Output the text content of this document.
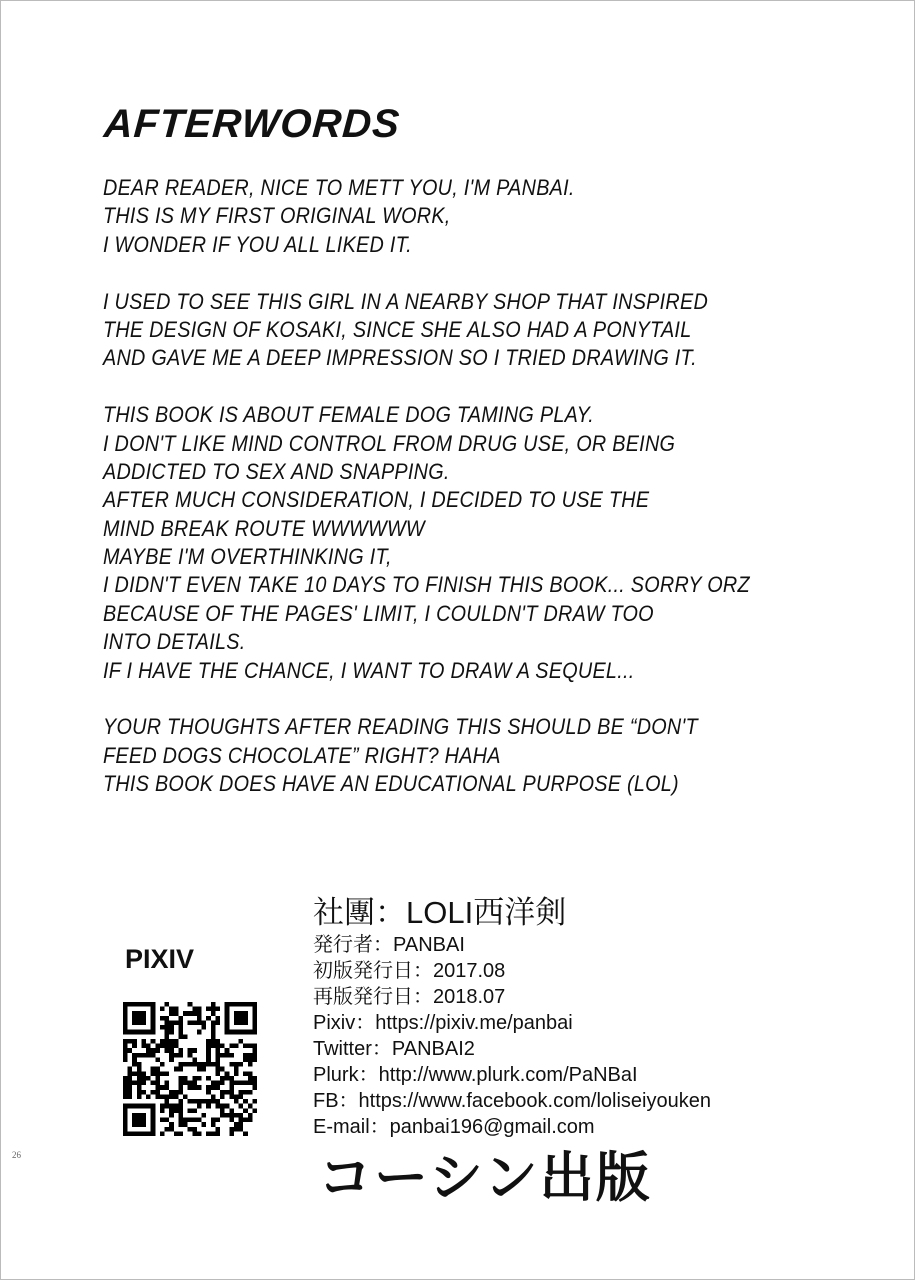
AFTERWORDS
DEAR READER, NICE TO METT YOU, I'M PANBAI.
THIS IS MY FIRST ORIGINAL WORK,
I WONDER IF YOU ALL LIKED IT.
I USED TO SEE THIS GIRL IN A NEARBY SHOP THAT INSPIRED
THE DESIGN OF KOSAKI, SINCE SHE ALSO HAD A PONYTAIL
AND GAVE ME A DEEP IMPRESSION SO I TRIED DRAWING IT.
THIS BOOK IS ABOUT FEMALE DOG TAMING PLAY.
I DON'T LIKE MIND CONTROL FROM DRUG USE, OR BEING
ADDICTED TO SEX AND SNAPPING.
AFTER MUCH CONSIDERATION, I DECIDED TO USE THE
MIND BREAK ROUTE WWWWWW
MAYBE I'M OVERTHINKING IT,
I DIDN'T EVEN TAKE 10 DAYS TO FINISH THIS BOOK... SORRY ORZ
BECAUSE OF THE PAGES' LIMIT, I COULDN'T DRAW TOO
INTO DETAILS.
IF I HAVE THE CHANCE, I WANT TO DRAW A SEQUEL...
YOUR THOUGHTS AFTER READING THIS SHOULD BE “DON'T
FEED DOGS CHOCOLATE” RIGHT? HAHA
THIS BOOK DOES HAVE AN EDUCATIONAL PURPOSE (LOL)
PIXIV
社團：LOLI西洋剣
発行者：PANBAI
初版発行日：2017.08
再版発行日：2018.07
Pixiv：https://pixiv.me/panbai
Twitter：PANBAI2
Plurk：http://www.plurk.com/PaNBaI
FB：https://www.facebook.com/loliseiyouken
E-mail：panbai196@gmail.com
コーシン出版
26
